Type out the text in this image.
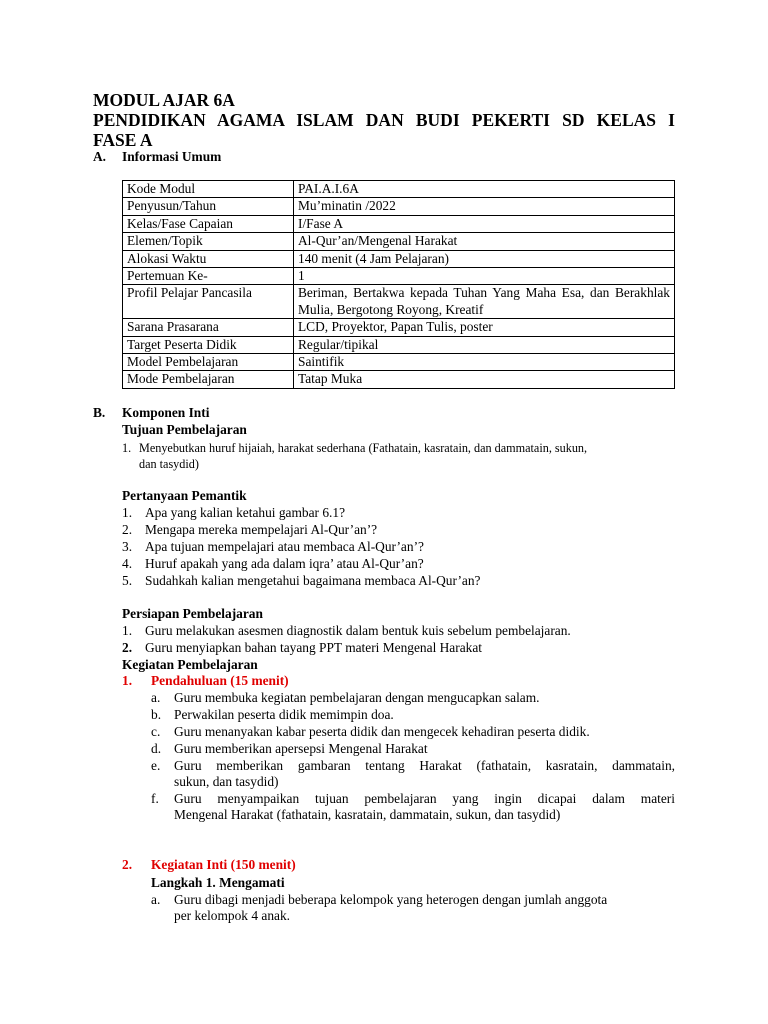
MODUL AJAR 6A
PENDIDIKAN AGAMA ISLAM DAN BUDI PEKERTI SD KELAS I
FASE A
A. Informasi Umum
Kode Modul	PAI.A.I.6A
Penyusun/Tahun	Mu’minatin /2022
Kelas/Fase Capaian	I/Fase A
Elemen/Topik	Al-Qur’an/Mengenal Harakat
Alokasi Waktu	140 menit (4 Jam Pelajaran)
Pertemuan Ke-	1
Profil Pelajar Pancasila	Beriman, Bertakwa kepada Tuhan Yang Maha Esa, dan Berakhlak Mulia, Bergotong Royong, Kreatif
Sarana Prasarana	LCD, Proyektor, Papan Tulis, poster
Target Peserta Didik	Regular/tipikal
Model Pembelajaran	Saintifik
Mode Pembelajaran	Tatap Muka
B. Komponen Inti
Tujuan Pembelajaran
1. Menyebutkan huruf hijaiah, harakat sederhana (Fathatain, kasratain, dan dammatain, sukun,
dan tasydid)
Pertanyaan Pemantik
1. Apa yang kalian ketahui gambar 6.1?
2. Mengapa mereka mempelajari Al-Qur’an’?
3. Apa tujuan mempelajari atau membaca Al-Qur’an’?
4. Huruf apakah yang ada dalam iqra’ atau Al-Qur’an?
5. Sudahkah kalian mengetahui bagaimana membaca Al-Qur’an?
Persiapan Pembelajaran
1. Guru melakukan asesmen diagnostik dalam bentuk kuis sebelum pembelajaran.
2. Guru menyiapkan bahan tayang PPT materi Mengenal Harakat
Kegiatan Pembelajaran
1. Pendahuluan (15 menit)
a. Guru membuka kegiatan pembelajaran dengan mengucapkan salam.
b. Perwakilan peserta didik memimpin doa.
c. Guru menanyakan kabar peserta didik dan mengecek kehadiran peserta didik.
d. Guru memberikan apersepsi Mengenal Harakat
e. Guru memberikan gambaran tentang Harakat (fathatain, kasratain, dammatain,
sukun, dan tasydid)
f. Guru menyampaikan tujuan pembelajaran yang ingin dicapai dalam materi
Mengenal Harakat (fathatain, kasratain, dammatain, sukun, dan tasydid)
2. Kegiatan Inti (150 menit)
Langkah 1. Mengamati
a. Guru dibagi menjadi beberapa kelompok yang heterogen dengan jumlah anggota
per kelompok 4 anak.
